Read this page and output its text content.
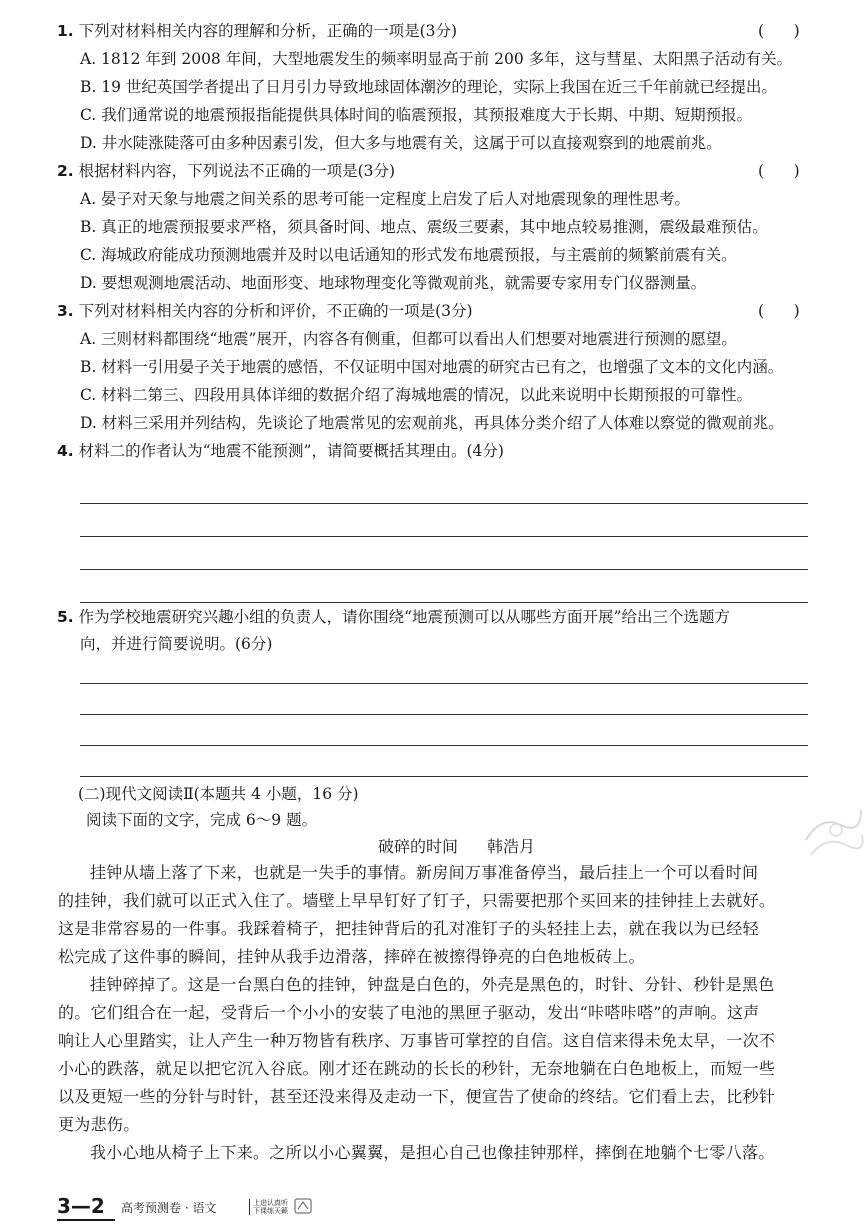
1. 下列对材料相关内容的理解和分析，正确的一项是(3分)	(      )
A. 1812 年到 2008 年间，大型地震发生的频率明显高于前 200 多年，这与彗星、太阳黑子活动有关。
B. 19 世纪英国学者提出了日月引力导致地球固体潮汐的理论，实际上我国在近三千年前就已经提出。
C. 我们通常说的地震预报指能提供具体时间的临震预报，其预报难度大于长期、中期、短期预报。
D. 井水陡涨陡落可由多种因素引发，但大多与地震有关，这属于可以直接观察到的地震前兆。
2. 根据材料内容，下列说法不正确的一项是(3分)	(      )
A. 晏子对天象与地震之间关系的思考可能一定程度上启发了后人对地震现象的理性思考。
B. 真正的地震预报要求严格，须具备时间、地点、震级三要素，其中地点较易推测，震级最难预估。
C. 海城政府能成功预测地震并及时以电话通知的形式发布地震预报，与主震前的频繁前震有关。
D. 要想观测地震活动、地面形变、地球物理变化等微观前兆，就需要专家用专门仪器测量。
3. 下列对材料相关内容的分析和评价，不正确的一项是(3分)	(      )
A. 三则材料都围绕“地震”展开，内容各有侧重，但都可以看出人们想要对地震进行预测的愿望。
B. 材料一引用晏子关于地震的感悟，不仅证明中国对地震的研究古已有之，也增强了文本的文化内涵。
C. 材料二第三、四段用具体详细的数据介绍了海城地震的情况，以此来说明中长期预报的可靠性。
D. 材料三采用并列结构，先谈论了地震常见的宏观前兆，再具体分类介绍了人体难以察觉的微观前兆。
4. 材料二的作者认为“地震不能预测”，请简要概括其理由。(4分)
5. 作为学校地震研究兴趣小组的负责人，请你围绕“地震预测可以从哪些方面开展”给出三个选题方
向，并进行简要说明。(6分)
(二)现代文阅读Ⅱ(本题共 4 小题，16 分)
阅读下面的文字，完成 6～9 题。
破碎的时间 韩浩月
挂钟从墙上落了下来，也就是一失手的事情。新房间万事准备停当，最后挂上一个可以看时间
的挂钟，我们就可以正式入住了。墙壁上早早钉好了钉子，只需要把那个买回来的挂钟挂上去就好。
这是非常容易的一件事。我踩着椅子，把挂钟背后的孔对准钉子的头轻挂上去，就在我以为已经轻
松完成了这件事的瞬间，挂钟从我手边滑落，摔碎在被擦得铮亮的白色地板砖上。
挂钟碎掉了。这是一台黑白色的挂钟，钟盘是白色的，外壳是黑色的，时针、分针、秒针是黑色
的。它们组合在一起，受背后一个小小的安装了电池的黑匣子驱动，发出“咔嗒咔嗒”的声响。这声
响让人心里踏实，让人产生一种万物皆有秩序、万事皆可掌控的自信。这自信来得未免太早，一次不
小心的跌落，就足以把它沉入谷底。刚才还在跳动的长长的秒针，无奈地躺在白色地板上，而短一些
以及更短一些的分针与时针，甚至还没来得及走动一下，便宣告了使命的终结。它们看上去，比秒针
更为悲伤。
我小心地从椅子上下来。之所以小心翼翼，是担心自己也像挂钟那样，摔倒在地躺个七零八落。
3—2 高考预测卷 · 语文	上进认真听
下课练天籁
